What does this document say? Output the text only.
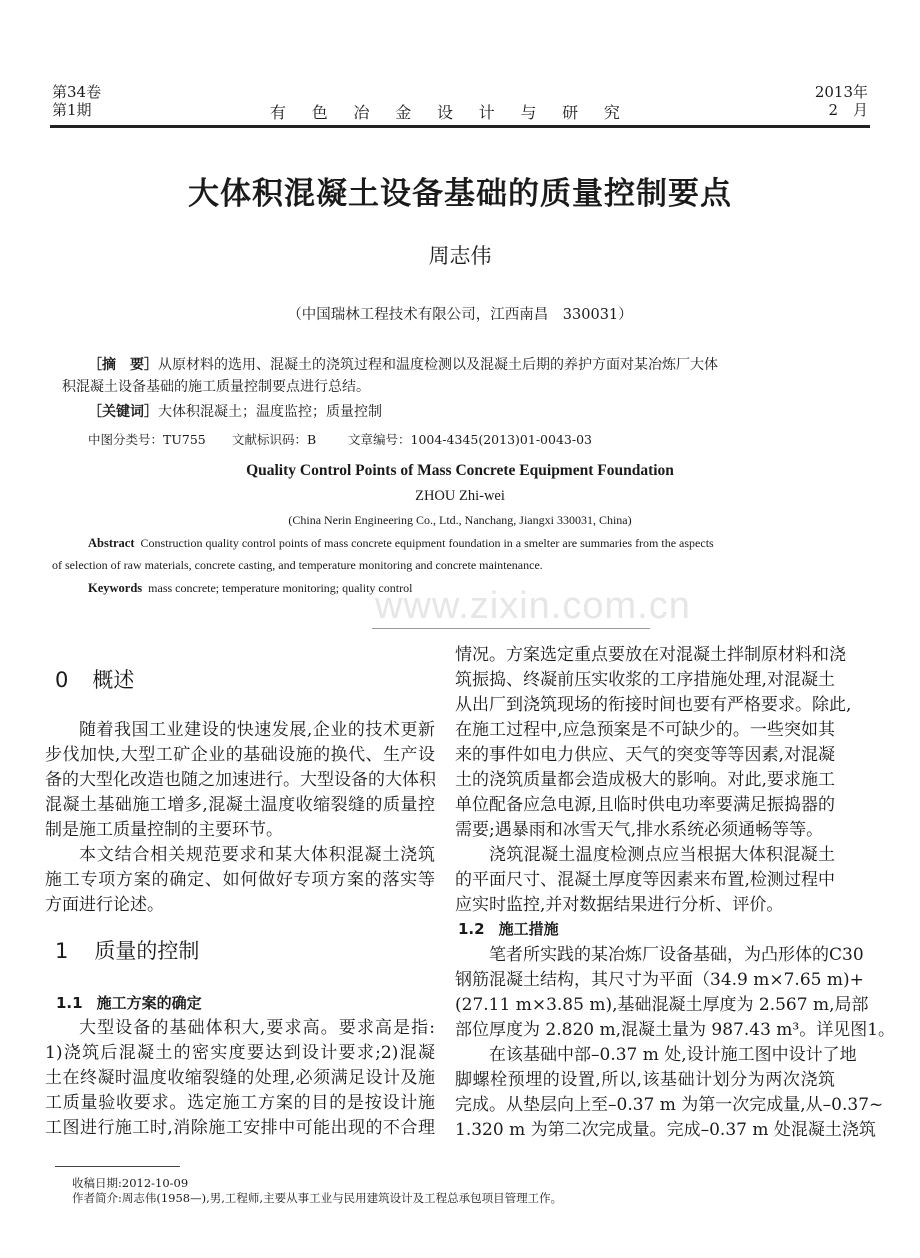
第34卷
第1期	有 色 冶 金 设 计 与 研 究
2013年
2　月
大体积混凝土设备基础的质量控制要点
周志伟
（中国瑞林工程技术有限公司，江西南昌　330031）
［摘　要］从原材料的选用、混凝土的浇筑过程和温度检测以及混凝土后期的养护方面对某冶炼厂大体
积混凝土设备基础的施工质量控制要点进行总结。
［关键词］大体积混凝土；温度监控；质量控制
中图分类号：TU755 文献标识码：B	文章编号：1004-4345(2013)01-0043-03
Quality Control Points of Mass Concrete Equipment Foundation
ZHOU Zhi-wei
(China Nerin Engineering Co., Ltd., Nanchang, Jiangxi 330031, China)
Abstract Construction quality control points of mass concrete equipment foundation in a smelter are summaries from the aspects
of selection of raw materials, concrete casting, and temperature monitoring and concrete maintenance.
Keywords mass concrete; temperature monitoring; quality control
www.zixin.com.cn
0 概述
随着我国工业建设的快速发展,企业的技术更新
步伐加快,大型工矿企业的基础设施的换代、生产设
备的大型化改造也随之加速进行。大型设备的大体积
混凝土基础施工增多,混凝土温度收缩裂缝的质量控
制是施工质量控制的主要环节。
本文结合相关规范要求和某大体积混凝土浇筑
施工专项方案的确定、如何做好专项方案的落实等
方面进行论述。
1 质量的控制
1.1 施工方案的确定
大型设备的基础体积大,要求高。要求高是指:
1)浇筑后混凝土的密实度要达到设计要求;2)混凝
土在终凝时温度收缩裂缝的处理,必须满足设计及施
工质量验收要求。选定施工方案的目的是按设计施
工图进行施工时,消除施工安排中可能出现的不合理
情况。方案选定重点要放在对混凝土拌制原材料和浇
筑振捣、终凝前压实收浆的工序措施处理,对混凝土
从出厂到浇筑现场的衔接时间也要有严格要求。除此,
在施工过程中,应急预案是不可缺少的。一些突如其
来的事件如电力供应、天气的突变等等因素,对混凝
土的浇筑质量都会造成极大的影响。对此,要求施工
单位配备应急电源,且临时供电功率要满足振捣器的
需要;遇暴雨和冰雪天气,排水系统必须通畅等等。
浇筑混凝土温度检测点应当根据大体积混凝土
的平面尺寸、混凝土厚度等因素来布置,检测过程中
应实时监控,并对数据结果进行分析、评价。
1.2 施工措施
笔者所实践的某冶炼厂设备基础，为凸形体的C30
钢筋混凝土结构，其尺寸为平面（34.9 m×7.65 m)+
(27.11 m×3.85 m),基础混凝土厚度为 2.567 m,局部
部位厚度为 2.820 m,混凝土量为 987.43 m³。详见图1。
在该基础中部–0.37 m 处,设计施工图中设计了地
脚螺栓预埋的设置,所以,该基础计划分为两次浇筑
完成。从垫层向上至–0.37 m 为第一次完成量,从–0.37~
1.320 m 为第二次完成量。完成–0.37 m 处混凝土浇筑
收稿日期:2012-10-09
作者简介:周志伟(1958—),男,工程师,主要从事工业与民用建筑设计及工程总承包项目管理工作。
